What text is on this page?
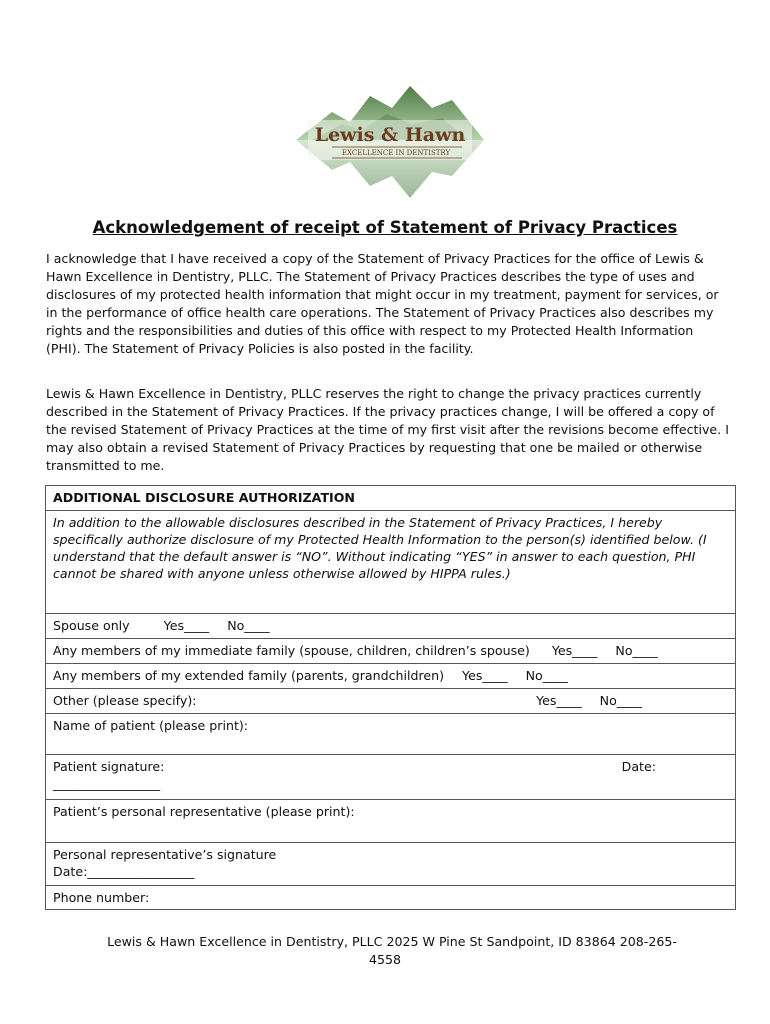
Lewis & Hawn
EXCELLENCE IN DENTISTRY
Acknowledgement of receipt of Statement of Privacy Practices

I acknowledge that I have received a copy of the Statement of Privacy Practices for the office of Lewis & Hawn Excellence in Dentistry, PLLC. The Statement of Privacy Practices describes the type of uses and disclosures of my protected health information that might occur in my treatment, payment for services, or in the performance of office health care operations. The Statement of Privacy Practices also describes my rights and the responsibilities and duties of this office with respect to my Protected Health Information (PHI). The Statement of Privacy Policies is also posted in the facility.

Lewis & Hawn Excellence in Dentistry, PLLC reserves the right to change the privacy practices currently described in the Statement of Privacy Practices. If the privacy practices change, I will be offered a copy of the revised Statement of Privacy Practices at the time of my first visit after the revisions become effective. I may also obtain a revised Statement of Privacy Practices by requesting that one be mailed or otherwise transmitted to me.

ADDITIONAL DISCLOSURE AUTHORIZATION
In addition to the allowable disclosures described in the Statement of Privacy Practices, I hereby specifically authorize disclosure of my Protected Health Information to the person(s) identified below. (I understand that the default answer is “NO”. Without indicating “YES” in answer to each question, PHI cannot be shared with anyone unless otherwise allowed by HIPPA rules.)
Spouse only	Yes____ No____
Any members of my immediate family (spouse, children, children’s spouse) Yes____ No____
Any members of my extended family (parents, grandchildren) Yes____ No____
Other (please specify):	Yes____ No____

Name of patient (please print):
Patient signature:	Date:

_________________
Patient’s personal representative (please print):
Personal representative’s signature
Date:_________________
Phone number:
Lewis & Hawn Excellence in Dentistry, PLLC 2025 W Pine St Sandpoint, ID 83864 208-265-
4558
